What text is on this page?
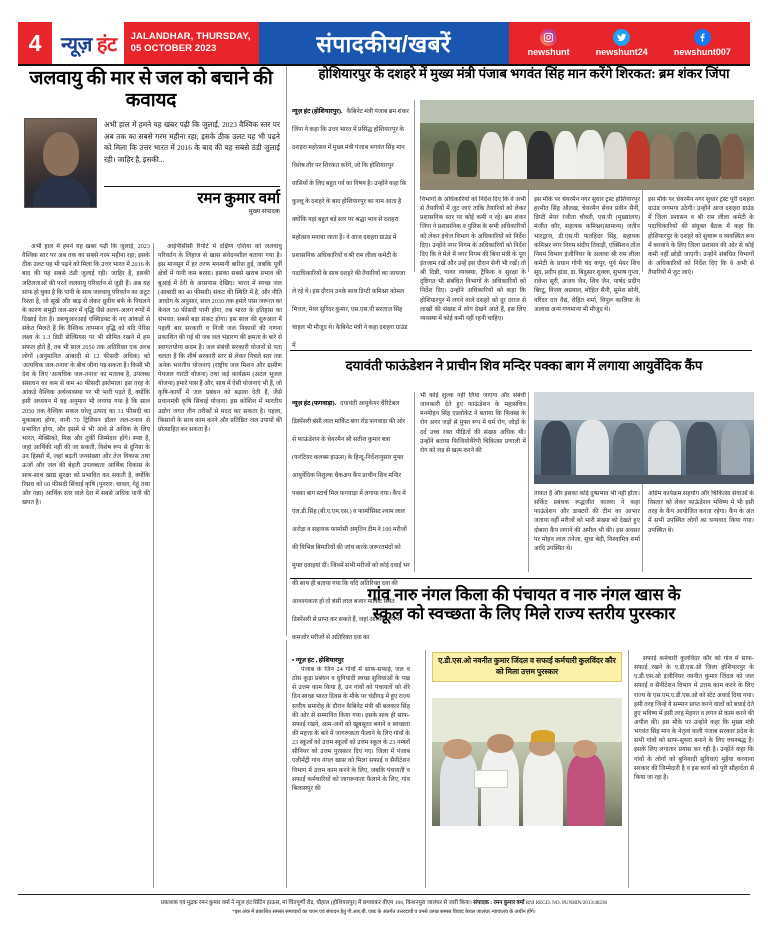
4 न्यूज़ हंट JALANDHAR, THURSDAY,
05 OCTOBER 2023	संपादकीय/खबरें	newshunt	newshunt24	newshunt007
जलवायु की मार से जल को बचाने की कवायद
अभी हाल में हमने यह खबर पढ़ी कि जुलाई, 2023 वैश्विक स्तर पर अब तक का सबसे गरम महीना रहा; इसके ठीक उलट यह भी पढ़ने को मिला कि उत्तर भारत में 2016 के बाद की यह सबसे ठंडी जुलाई रही। जाहिर है, इसकी...
रमन कुमार वर्मा
मुख्य संपादक
अभी हाल में हमने यह खबर पढ़ी कि जुलाई, 2023 वैश्विक स्तर पर अब तक का सबसे गरम महीना रहा; इसके ठीक उलट यह भी पढ़ने को मिला कि उत्तर भारत में 2016 के बाद की यह सबसे ठंडी जुलाई रही। जाहिर है, इसकी जटिलताओं की परतें जलवायु परिवर्तन से जुड़ी हैं। अब यह साफ हो चुका है कि पानी के साथ जलवायु परिवर्तन का अटूट रिश्ता है, जो सूखे और बाढ़ से लेकर ध्रुवीय बर्फ के पिघलने के कारण समुद्री जल-स्तर में वृद्धि जैसे अलग-अलग रूपों में दिखाई देता है। डब्ल्यूआरआई एक्विडक्ट के नए आंकड़ों से संकेत मिलते हैं कि वैश्विक तापमान वृद्धि को यदि पेरिस लक्ष्य के 1.3 डिग्री सेल्सियस पर भी सीमित रखने में हम सफल होते हैं, तब भी साल 2050 तक अतिरिक्त एक अरब लोगों (अनुमानित आबादी से 12 फीसदी अधिक) को 'अत्यधिक जल-तनाव' के बीच जीना पड़ सकता है। किसी भी देश के लिए 'अत्यधिक जल-तनाव' का मतलब है, उपलब्ध संसाधन का कम से कम 40 फीसदी इस्तेमाल। इस तरह के आंकड़े वैश्विक अर्थव्यवस्था पर भी भारी पड़ते हैं, क्योंकि इसी अध्ययन में यह अनुमान भी लगाया गया है कि साल 2050 तक वैश्विक सकल घरेलू उत्पाद का 31 फीसदी का मुकाबला होगा, यानी 70 ट्रिलियन डॉलर जल-तनाव से प्रभावित होगा, और इसमें से भी आधे से अधिक के लिए भारत, मेक्सिको, मिस्र और तुर्की जिम्मेदार होंगे। स्पष्ट है, जहां आर्थिकी नहीं की जा सकती, विशेष रूप से दुनिया के उन हिस्सों में, जहां बढ़ती जनसंख्या और तेज विकास तथा ऊर्जा और जल की बेहती उपलब्धता आर्थिक विकास के साथ-साथ खाद्य सुरक्षा को प्रभावित कर सकती है, क्योंकि रिसच को 60 फीसदी सिंचाई कृषि (पुनरार: चावल, गेहूं तथा और गन्ना) आर्थिक स्तर वाले देश में सबसे अधिक पानी की खपत है।
आईपीसीसी रिपोर्ट में दक्षिण एशिया को जलवायु परिवर्तन के लिहाज से खास संवेदनशील बताया गया है। इस मानसून में हर तरफ मनमानी बारिश हुई, जबकि पूर्वी क्षेत्रों में पानी कम बरसा। इसका सबसे खराब प्रभाव की बुआई में देरी के आसपास देखिए। भारत में स्वच्छ जल (आबादी का 40 फीसदी) संकट की स्थिति में है, और नीति आयोग के अनुसार, साल 2030 तक हमारे पास जरूरत का केवल 50 फीसदी पानी होगा, तब भारत के इतिहास का संभवत: सबसे बड़ा संकट होगा। इस साल की शुरुआत में पहली बार सरकारी व निजी जल निकायों की गणना प्रकाशित की गई थी जब जल भंडारण की क्षमता के बारे से स्वागतयोग्य कदम है। जल संबंधी सरकारी योजनों से पता चलता है कि शीर्ष सरकारी स्तर से लेकर निचले स्तर तक अनेक भारतीय योजनाएं (राष्ट्रीय जल मिशन और ग्रामीण पेयजल गारंटी योजना) तथा कई कार्यक्रम (अटल भूजल योजना) हमारे पास हैं और, साथ में ऐसी योजनाएं भी हैं, जो कृषि-कार्यों में जल प्रबंधन को बढ़ावा देती हैं, जैसे प्रधानमंत्री कृषि सिंचाई योजना। इस कोशिश में भारतीय उद्योग जगत तीन तरीकों से मदद कर सकता है। पहला, किसानों के साथ काम करने और प्रतिष्ठित जल उपायों की प्रोत्साहित कर सकता है।
होशियारपुर के दशहरे में मुख्य मंत्री पंजाब भगवंत सिंह मान करेंगे शिरकत: ब्रम शंकर जिंपा
न्यूज़ हंट (होशियारपुर). कैबिनेट मंत्री पंजाब ब्रम शंकर जिंपा ने कहा कि उत्तर भारत में प्रसिद्ध होशियारपुर के दशहरा महोत्सव में मुख्य मंत्री पंजाब भगवंत सिंह मान विशेष तौर पर शिरकत करेंगे, जो कि होशियारपुर वासियों के लिए बहुत गर्व का विषय है। उन्होंने कहा कि कुल्लू के दशहरे के बाद होशियारपुर का नाम आता है क्योंकि यहां बहुत बड़े स्तर पर श्रद्धा भाव से दशहरा महोत्सव मनाया जाता है। वे आज दशहरा ग्राउंड में प्रशासनिक अधिकारियों व श्री राम लीला कमेटी के पदाधिकारियों के साथ दशहरे की तैयारियों का जायजा ले रहे थे। इस दौरान उनके साथ डिप्टी कमिश्नर कोमल मित्तल, मेयर सुरिंदर कुमार, एस.एस.पी सरताज सिंह चाहल भी मौजूद थे। कैबिनेट मंत्री ने कहा दशहरा ग्राउंड में
विभागों के अधिकारियों को निर्देश दिए कि वे अभी से तैयारियों में जुट जाएं ताकि तैयारियों को लेकर प्रशासनिक स्तर पर कोई कमी न रहे। ब्रम शंकर जिंपा ने प्रशासनिक व पुलिस के सभी अधिकारियों को लेकर इंचेज विभाग के अधिकारियों को निर्देश दिए। उन्होंने नगर निगम के अधिकारियों को निर्देश दिए कि वे मेले में नगर निगम की बिना मंत्री के पूरा इंतजाम रखें और उन्हें इस दौरान सेनी भी रखें। तो श्री दिन्नी, पावर व्यवस्था, ट्रैफिक व सुरक्षा के दृष्टिगत भी संबंधित विभागों के अधिकारियों को निर्देश दिए। उन्होंने अधिकारियों को कहा कि होशियारपुर में लगने वाले दशहरे को दूर दराज से लाखों की संख्या में लोग देखने आते हैं, इस लिए व्यवस्था में कोई कमी नहीं रहनी चाहिए।
इस मौके पर चेयरमैन नगर सुधार ट्रस्ट होशियारपुर हरमीत सिंह औलख, चेयरमैन सेवन प्रवीन सैनी, डिप्टी मेयर रंजीता चौधरी, एस.पी (मुख्यालय) मंजीत कौर, सहायक कमिश्नर(सामान्य) जतीन भारद्वाज, डी.एस.पी फतहिंदर सिंह, सहायक कमिश्नर नगर निगम संदीप तिवाड़ी, एक्सिशन तोंज निगम विभाग इंजीनियर के अलावा श्री राम लीला कमेटी के प्रधान गोपी चंद कपूर, पूर्व मेयर शिव सूद, प्रदीप हांडा, डा. बिदुसार शुक्ला, सुभाष गुप्ता, राकेश सूरी, अजय जैन, शिव जैन, पार्षद प्रदीप बिरटू, विजय अग्रवाल, मोहित सैनी, सुमेश सोनी, वरिंदर दत्त वैद्य, रोहित शर्मा, विपुल कालिया के अलावा अन्य गणमान्य भी मौजूद थे।
इस मौके पर चेयरमैन नगर सुधार ट्रस्ट पूरी दशहरा ग्राउंड जगमगा उठेगी। उन्होंने आज दशहरा ग्राउंड में जिला प्रशासन व श्री राम लीला कमेटी के पदाधिकारियों की संयुक्त बैठक में कहा कि होशियारपुर के दशहरे को सुचारू व व्यवस्थित रूप में करवाने के लिए जिला प्रशासन की ओर से कोई कमी नहीं छोड़ी जाएगी। उन्होंने संबंधित विभागों के अधिकारियों को निर्देश दिए कि वे अभी से तैयारियों में जुट जाएं।
दयावंती फाऊंडेशन ने प्राचीन शिव मन्दिर पक्का बाग में लगाया आयुर्वेदिक कैंप
न्यूज़ हंट (फगवाड़ा). दयावंती आयुकेयर चैरिटेबल डिस्पेंसरी बंसी लाल मार्किट बंगा रोड फगवाड़ा की ओर से फाऊंडेशन के चेयरमैन श्री सतीश कुमार बत्रा (फरंटियर कलब्स हाऊस) के हिन्दू-निर्देशानुसार मुफ्त आयुर्वेदिक निशुल्क चैकअप कैंप प्राचीन शिव मन्दिर पक्का बाग स्टार्च मिल फगवाड़ा में लगाया गया। कैंप में एल.डी.सिंह (बी.ए.एम.एस.) व फार्मासिस्ट श्याम लाल अरोड़ा व सहायक फार्मासी अमृतिन टीम ने 100 मरीजों की विभिन्न बिमारियों की जांच करके जरूरतमंदों को मुफ्त दवाइयां दीं। जिनमें सभी मरीजों को कोई दवाई भर की साथ ही बताया गया कि यदि अतिरिक्त दवा की आवश्यकता हो तो बंसी लाल बजार मार्किट स्थित डिस्पेंसरी से प्राप्त कर सकते हैं, जहां आर्थिक रूप से कमजोर मरीजों से अतिरिक्त दवा का
भी कोई शुल्क नहीं लिया जाएगा और संबंधी जानकारी देते हुए फाऊंडेशन के महासचिव मनमोहन सिंह एडवोकेट ने बताया कि फिक्स्ड के रोग अगर जड़ों से मुफ्त रूप में धर्म रोग, जोड़ों के दर्द उच्च रक्त पीड़ितों की संख्या अधिक थी। उन्होंने बताया फिजियोथैरेपी चिकित्सा प्रणाली में रोग को जड़ से खत्म करने की
ताकत है और इसका कोई दुष्प्रभाव भी नहीं होता। सर्किट प्रबंधक रूद्धजीत कालरा ने कहा फाऊंडेशन और डाक्टरों की टीम का आभार जताया वहीं मरीजों को भारी संख्या को देखते हुए दोबारा कैंप लगाने की अपील भी की। इस अवसर पर मोहन लाल तनेजा, सुधा बेदी, विश्वामित्र शर्मा आदि उपस्थित थे।
अग्रिम कार्यक्रम सहयोग और चिकित्सा सेवाओं के विस्तार को लेकर फाऊंडेशन भविष्य में भी इसी तरह के कैंप आयोजित करता रहेगा। कैंप के अंत में सभी उपस्थित लोगों का धन्यवाद किया गया। उपस्थित थे।
गांव नारु नंगल किला की पंचायत व नारु नंगल खास के
स्कूल को स्वच्छता के लिए मिले राज्य स्तरीय पुरस्कार
ए.डी.एस.ओ नवनीत कुमार जिंदल व सफाई कर्मचारी कुलविंदर कौर को मिला उत्तम पुरस्कार
• न्यूज़ हंट , होशियारपुर
पंजाब के जिन 24 गांवों में साफ-सफाई, जल व ठोस कूड़ा प्रबंधन व धुनियादी स्वच्छ सुविधाओं के पख से उत्तम काम किया है, उन गांवों को पंचायतों को शेरे दिन स्वच्छ भारत दिवस के मौके पर चंडीगढ़ में हुए राज्य स्तरीय समारोह के दौरान कैबिनेट मंत्री श्री बलकार सिंह की ओर से सम्मानित किया गया। इसके साथ ही साफ-सफाई रखने, आम-जनों को खूबसूरत बनाने व स्वच्छता की महत्ता के बारे में जागरूकता फैलाने के लिए गांवों के 23 स्कूलों को उत्तम स्कूलों को उत्तम स्कूल के 23 नम्बरों सीनियर को उत्तम पुरस्कार दिए गए। जिला में पंजाब एलीमेंट्री गांव नंगल खास को मिला सफाई व सैनीटेशन विभाग में उत्तम काम करने के लिए, जबकि पंचायती व सफाई कर्मचारियों को जागरूकता फैलाने के लिए, गांव बिलासपुर की
सफाई कर्मचारी कुलविंदर कौर को गांव में साफ-सफाई रखने के ए.डी.एस.ओ जिला होशियारपुर के ए.डी.एस.ओ इंजीनियर नवनीत कुमार जिंदल को जल सफाई व सैनीटेशन विभाग में उत्तम काम करने के लिए राज्य के एस.एम.ए.डी.एस.ओ को स्टेट अवार्ड दिया गया। इसी तरह जिन्हें ये सम्मान प्राप्त करने वालों को बधाई देते हुए भविष्य में इसी तरह मेहनत व लगन से काम करने की अपील की। इस मौके पर उन्होंने कहा कि मुख्य मंत्री भगवंत सिंह मान के नेतृत्व वाली पंजाब सरकार प्रदेश के सभी गांवों को साफ-सुथरा बनाने के लिए वचनबद्ध है। इसके लिए लगातार प्रयास कर रही है। उन्होंने कहा कि गांवों के लोगों को बुनियादी सुविधाएं मुहैया करवाना सरकार की जिम्मेदारी है व इस कार्य को पूरी सौहार्दता से किया जा रहा है।
प्रकाशक एवं मुद्रक रमन कुमार वर्मा ने न्यूज हंट प्रिंटिंग हाऊस, मां चिंतपूर्णी रोड, चौहाल (होशियारपुर) में छपवाकर वीएम 106, किशनपुरा जालंधर से जारी किया। संपादक : रमन कुमार वर्मा RNI REGD. NO. PUNHIN/2013/48236
*इस अंक में प्रकाशित समस्त समाचारों का चयन एवं संपादन हेतु पी.आर.बी. एक्ट के अंतर्गत उत्तरदायी व उनसे उत्पन्न समस्त विवाद केवल जालंधर न्यायालय के अधीन होंगे।
